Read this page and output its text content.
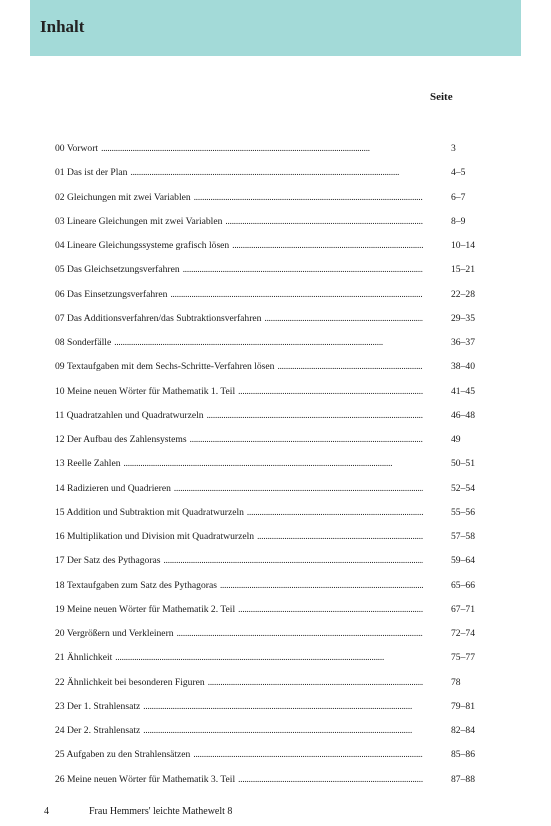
Inhalt
Seite
00 Vorwort . . .	3
01 Das ist der Plan . . .	4–5
02 Gleichungen mit zwei Variablen . . .	6–7
03 Lineare Gleichungen mit zwei Variablen . . .	8–9
04 Lineare Gleichungssysteme grafisch lösen . . .	10–14
05 Das Gleichsetzungsverfahren . . .	15–21
06 Das Einsetzungsverfahren . . .	22–28
07 Das Additionsverfahren/das Subtraktionsverfahren . . .	29–35
08 Sonderfälle . . .	36–37
09 Textaufgaben mit dem Sechs-Schritte-Verfahren lösen . . .	38–40
10 Meine neuen Wörter für Mathematik 1. Teil . . .	41–45
11 Quadratzahlen und Quadratwurzeln . . .	46–48
12 Der Aufbau des Zahlensystems . . .	49
13 Reelle Zahlen . . .	50–51
14 Radizieren und Quadrieren . . .	52–54
15 Addition und Subtraktion mit Quadratwurzeln . . .	55–56
16 Multiplikation und Division mit Quadratwurzeln . . .	57–58
17 Der Satz des Pythagoras . . .	59–64
18 Textaufgaben zum Satz des Pythagoras . . .	65–66
19 Meine neuen Wörter für Mathematik 2. Teil . . .	67–71
20 Vergrößern und Verkleinern . . .	72–74
21 Ähnlichkeit . . .	75–77
22 Ähnlichkeit bei besonderen Figuren . . .	78
23 Der 1. Strahlensatz . . .	79–81
24 Der 2. Strahlensatz . . .	82–84
25 Aufgaben zu den Strahlensätzen . . .	85–86
26 Meine neuen Wörter für Mathematik 3. Teil . . .	87–88
4	Frau Hemmers' leichte Mathewelt 8
